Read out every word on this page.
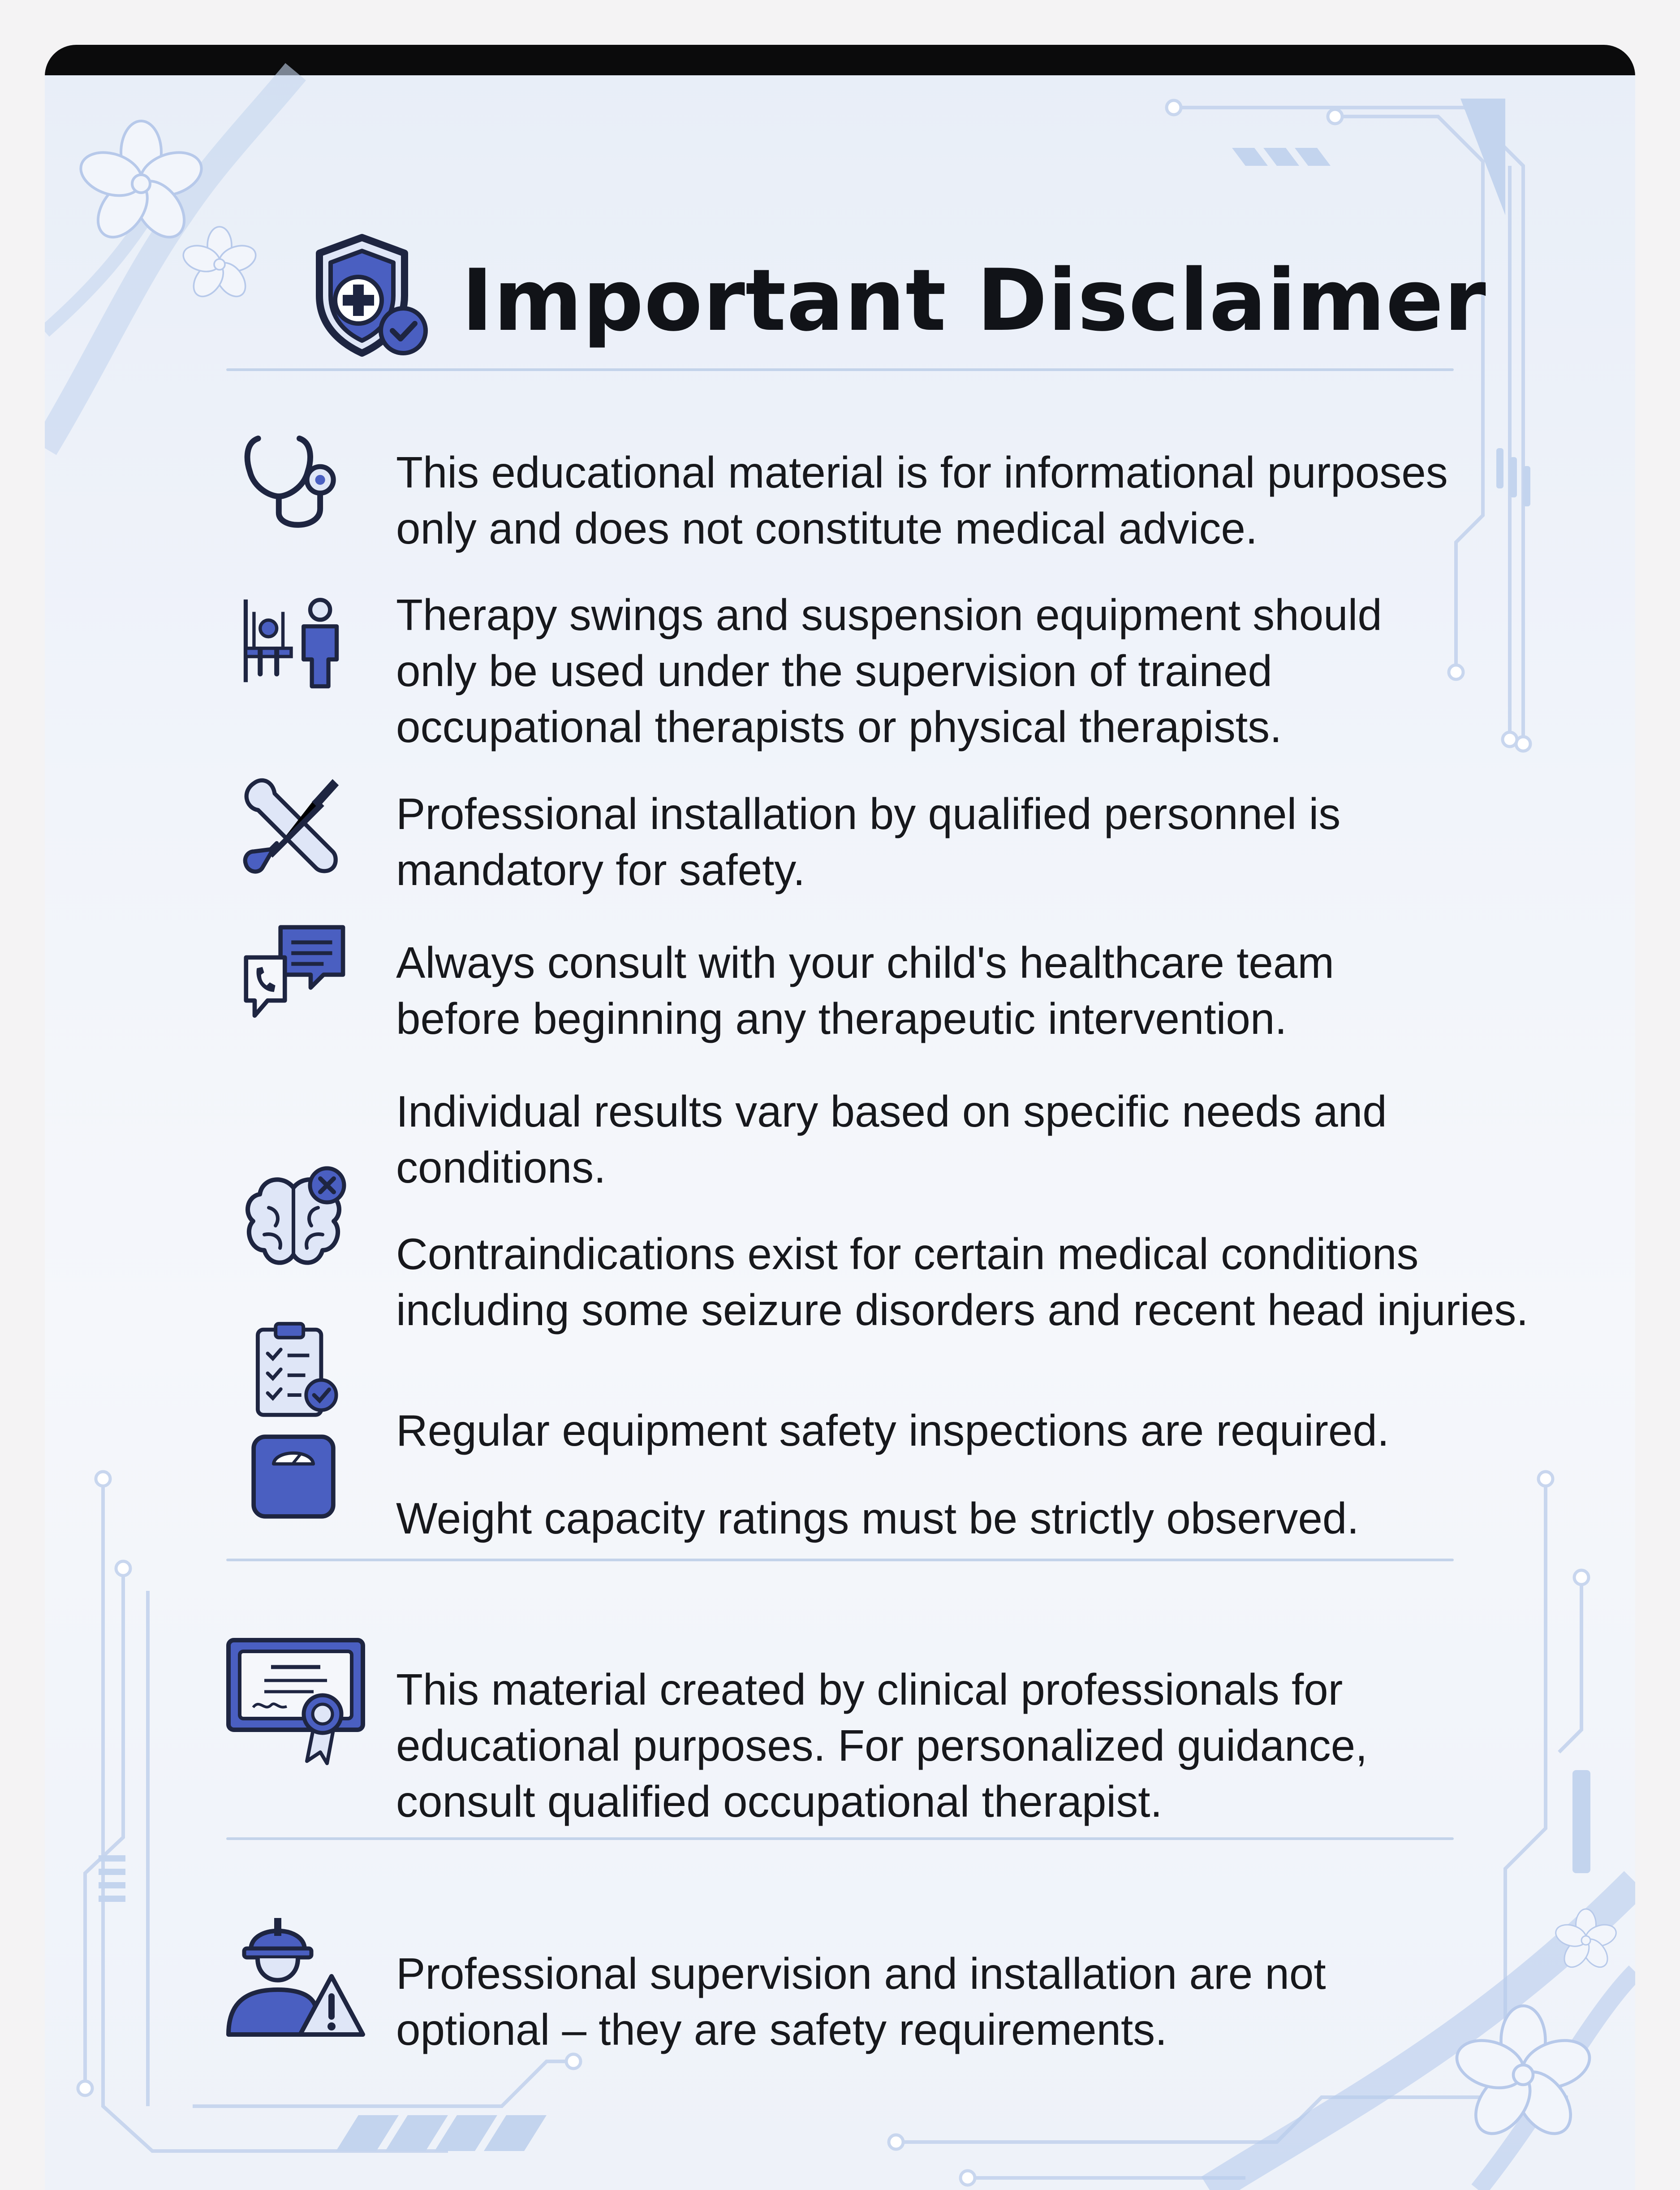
Important Disclaimer
This educational material is for informational purposes
only and does not constitute medical advice.
Therapy swings and suspension equipment should
only be used under the supervision of trained
occupational therapists or physical therapists.
Professional installation by qualified personnel is
mandatory for safety.
Always consult with your child's healthcare team
before beginning any therapeutic intervention.
Individual results vary based on specific needs and
conditions.
Contraindications exist for certain medical conditions
including some seizure disorders and recent head injuries.
Regular equipment safety inspections are required.
Weight capacity ratings must be strictly observed.
This material created by clinical professionals for
educational purposes. For personalized guidance,
consult qualified occupational therapist.
Professional supervision and installation are not
optional – they are safety requirements.
